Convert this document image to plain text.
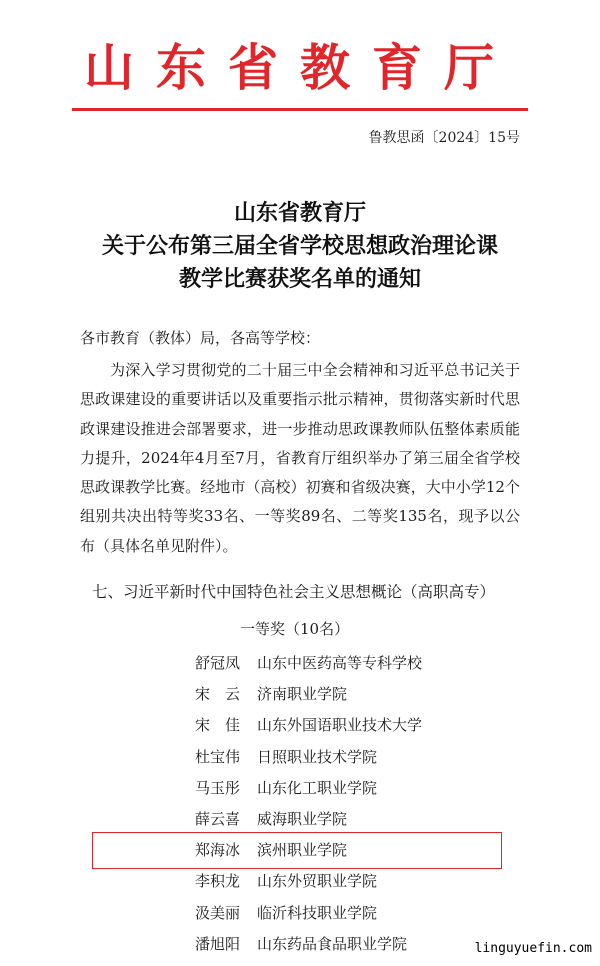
山东省教育厅
鲁教思函〔2024〕15号
山东省教育厅
关于公布第三届全省学校思想政治理论课
教学比赛获奖名单的通知
各市教育（教体）局，各高等学校：
为深入学习贯彻党的二十届三中全会精神和习近平总书记关于思政课建设的重要讲话以及重要指示批示精神，贯彻落实新时代思政课建设推进会部署要求，进一步推动思政课教师队伍整体素质能力提升，2024年4月至7月，省教育厅组织举办了第三届全省学校思政课教学比赛。经地市（高校）初赛和省级决赛，大中小学12个组别共决出特等奖33名、一等奖89名、二等奖135名，现予以公布（具体名单见附件）。
七、习近平新时代中国特色社会主义思想概论（高职高专）
一等奖（10名）
舒冠凤	山东中医药高等专科学校
宋　云	济南职业学院
宋　佳	山东外国语职业技术大学
杜宝伟	日照职业技术学院
马玉彤	山东化工职业学院
薛云喜	威海职业学院
郑海冰	滨州职业学院
李积龙	山东外贸职业学院
汲美丽	临沂科技职业学院
潘旭阳	山东药品食品职业学院	linguyuefin.com
